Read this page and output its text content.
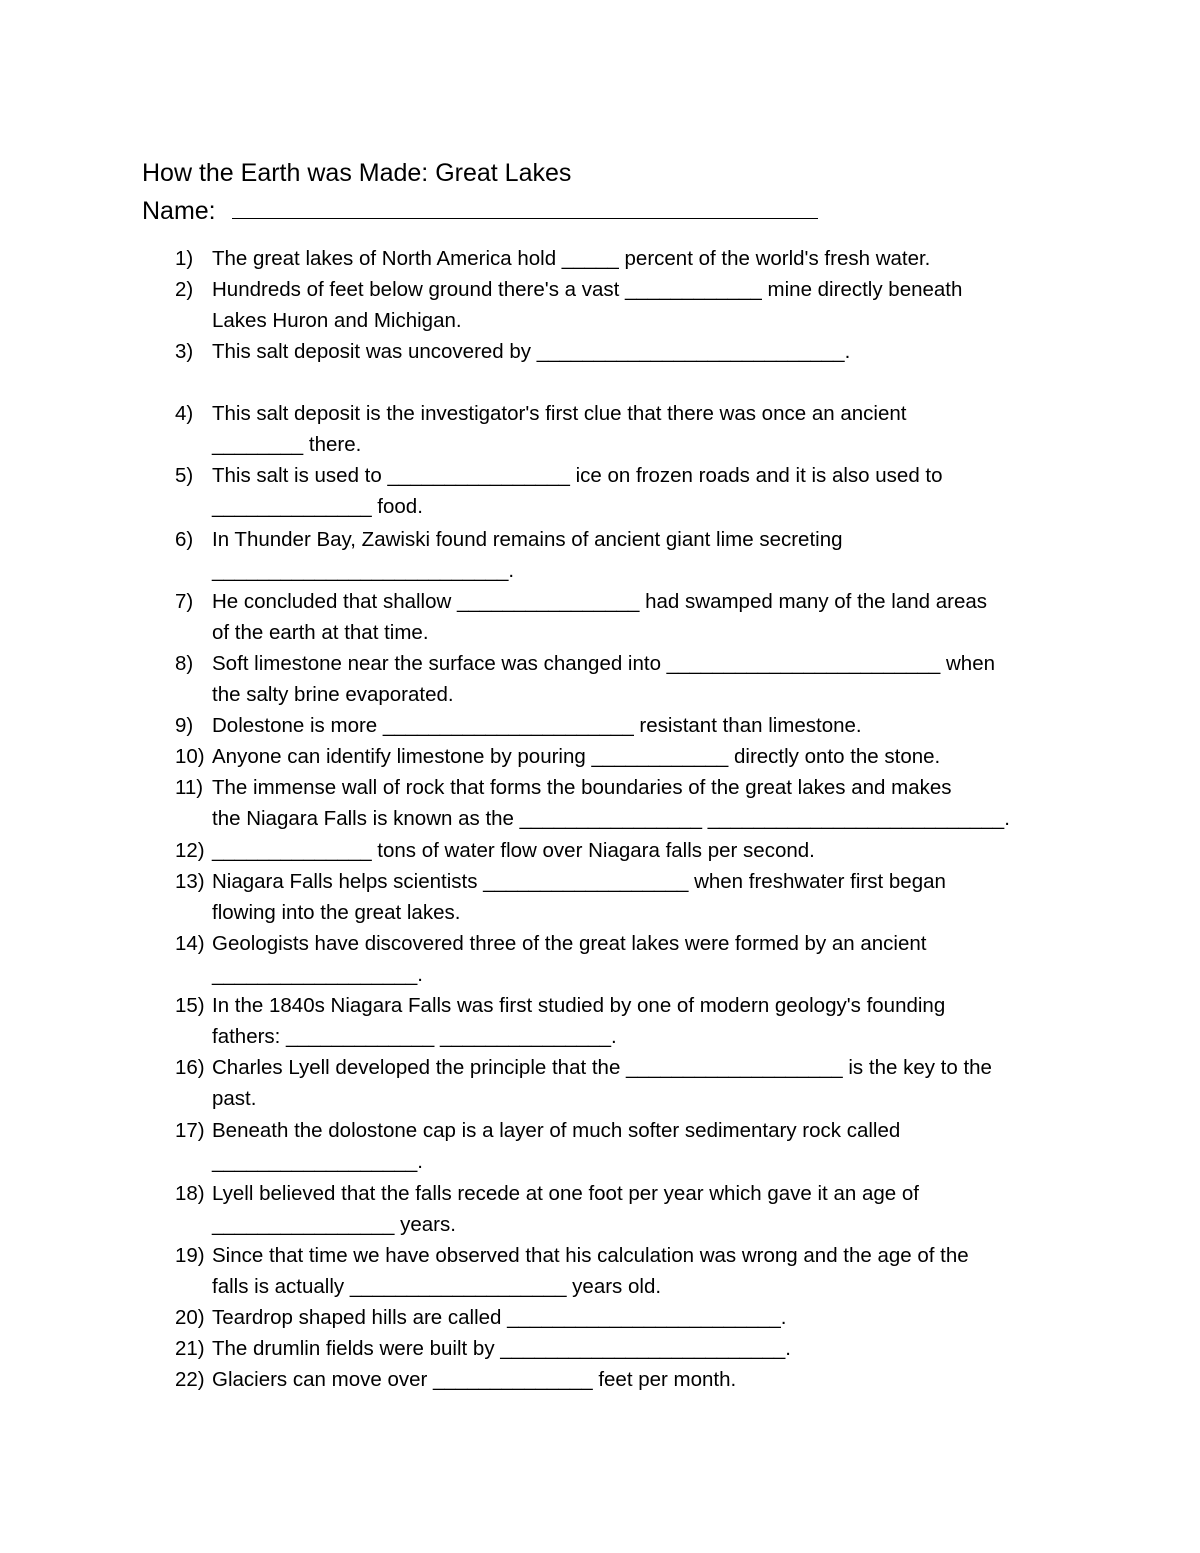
How the Earth was Made: Great Lakes
Name:
1) The great lakes of North America hold _____ percent of the world's fresh water.
2) Hundreds of feet below ground there's a vast ____________ mine directly beneath
Lakes Huron and Michigan.
3) This salt deposit was uncovered by ___________________________.
4) This salt deposit is the investigator's first clue that there was once an ancient
________ there.
5) This salt is used to ________________ ice on frozen roads and it is also used to
______________ food.
6) In Thunder Bay, Zawiski found remains of ancient giant lime secreting
__________________________.
7) He concluded that shallow ________________ had swamped many of the land areas
of the earth at that time.
8) Soft limestone near the surface was changed into ________________________ when
the salty brine evaporated.
9) Dolestone is more ______________________ resistant than limestone.
10) Anyone can identify limestone by pouring ____________ directly onto the stone.
11) The immense wall of rock that forms the boundaries of the great lakes and makes
the Niagara Falls is known as the ________________ __________________________.
12) ______________ tons of water flow over Niagara falls per second.
13) Niagara Falls helps scientists __________________ when freshwater first began
flowing into the great lakes.
14) Geologists have discovered three of the great lakes were formed by an ancient
__________________.
15) In the 1840s Niagara Falls was first studied by one of modern geology's founding
fathers: _____________ _______________.
16) Charles Lyell developed the principle that the ___________________ is the key to the
past.
17) Beneath the dolostone cap is a layer of much softer sedimentary rock called
__________________.
18) Lyell believed that the falls recede at one foot per year which gave it an age of
________________ years.
19) Since that time we have observed that his calculation was wrong and the age of the
falls is actually ___________________ years old.
20) Teardrop shaped hills are called ________________________.
21) The drumlin fields were built by _________________________.
22) Glaciers can move over ______________ feet per month.
